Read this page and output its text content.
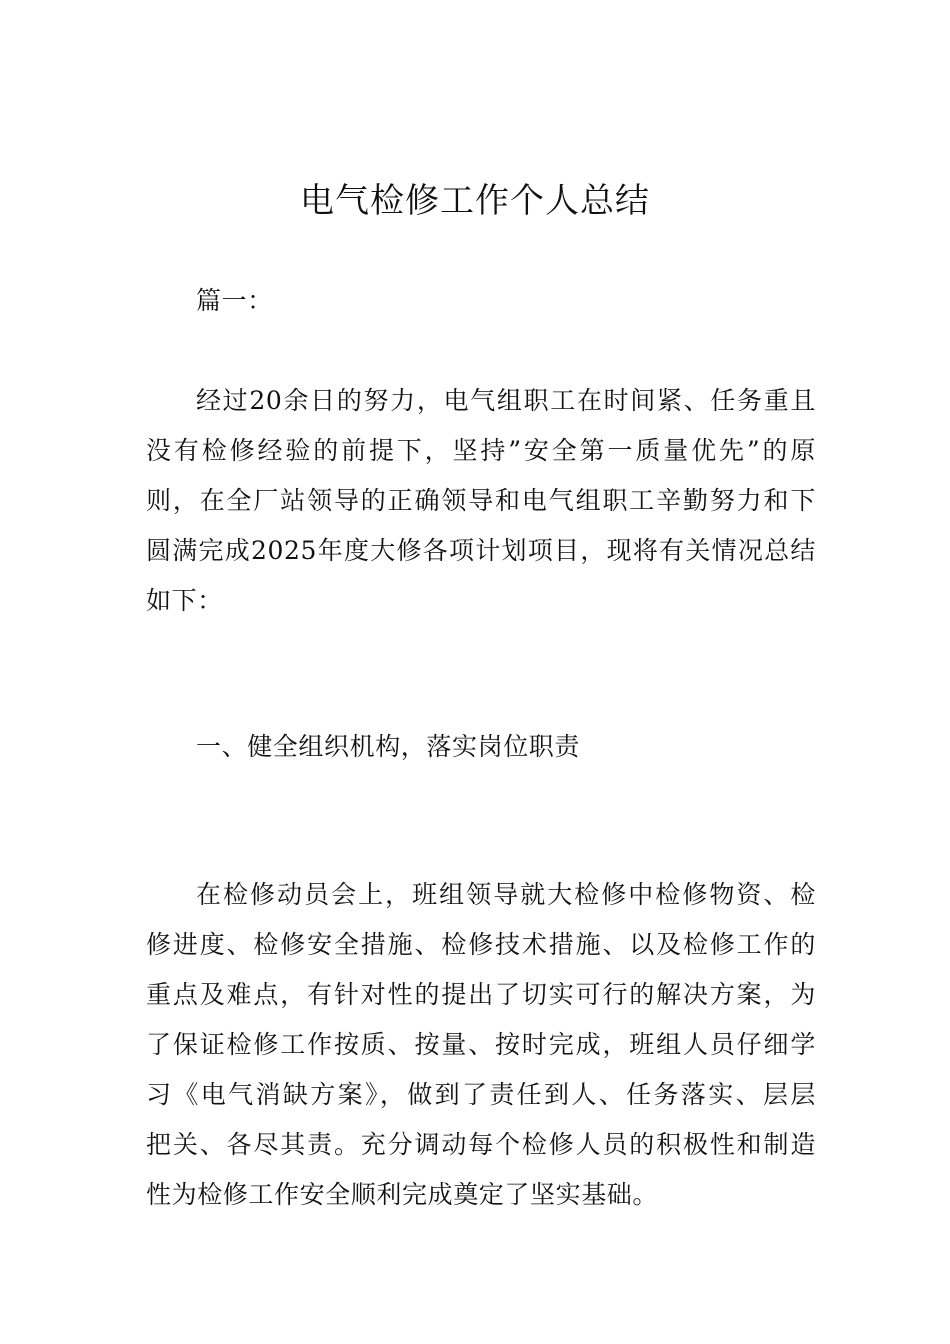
电气检修工作个人总结
篇一：
经过20余日的努力，电气组职工在时间紧、任务重且
没有检修经验的前提下，坚持”安全第一质量优先”的原
则，在全厂站领导的正确领导和电气组职工辛勤努力和下
圆满完成2025年度大修各项计划项目，现将有关情况总结
如下：
一、健全组织机构，落实岗位职责
在检修动员会上，班组领导就大检修中检修物资、检
修进度、检修安全措施、检修技术措施、以及检修工作的
重点及难点，有针对性的提出了切实可行的解决方案，为
了保证检修工作按质、按量、按时完成，班组人员仔细学
习《电气消缺方案》，做到了责任到人、任务落实、层层
把关、各尽其责。充分调动每个检修人员的积极性和制造
性为检修工作安全顺利完成奠定了坚实基础。
